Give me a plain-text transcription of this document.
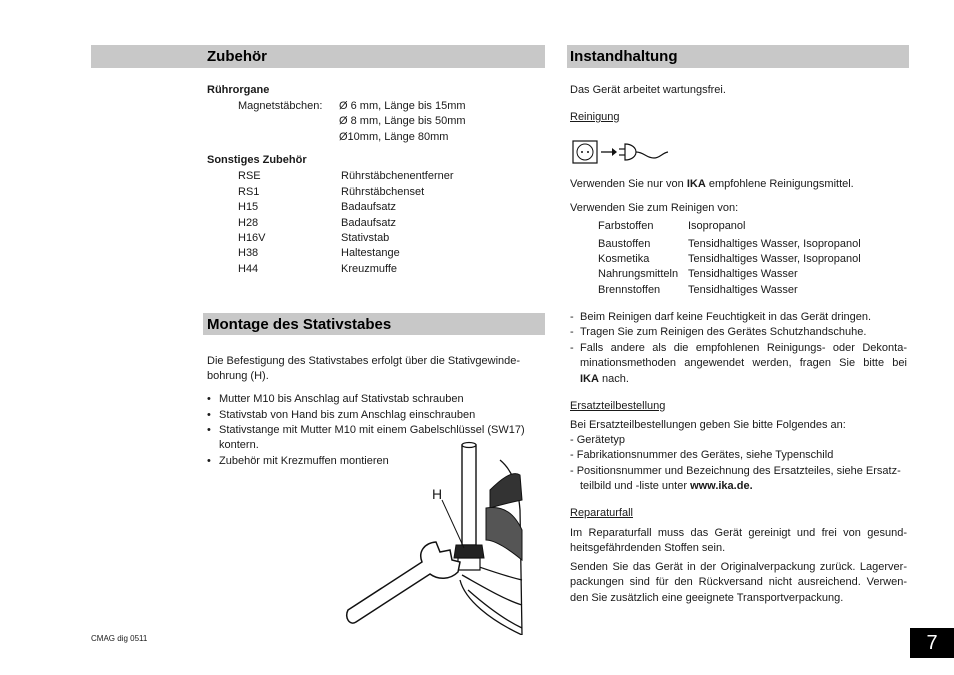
Zubehör
Rührorgane
Magnetstäbchen: Ø 6 mm, Länge bis 15mm
Ø 8 mm, Länge bis 50mm
Ø10mm, Länge 80mm
Sonstiges Zubehör
RSE	Rührstäbchenentferner
RS1	Rührstäbchenset
H15	Badaufsatz
H28	Badaufsatz
H16V	Stativstab
H38	Haltestange
H44	Kreuzmuffe
Montage des Stativstabes
Die Befestigung des Stativstabes erfolgt über die Stativgewinde-
bohrung (H).
• Mutter M10 bis Anschlag auf Stativstab schrauben
• Stativstab von Hand bis zum Anschlag einschrauben
• Stativstange mit Mutter M10 mit einem Gabelschlüssel (SW17)
kontern.
• Zubehör mit Krezmuffen montieren
H
Instandhaltung
Das Gerät arbeitet wartungsfrei.
Reinigung
Verwenden Sie nur von IKA empfohlene Reinigungsmittel.
Verwenden Sie zum Reinigen von:
Farbstoffen	Isopropanol
Baustoffen	Tensidhaltiges Wasser, Isopropanol
Kosmetika	Tensidhaltiges Wasser, Isopropanol
Nahrungsmitteln Tensidhaltiges Wasser
Brennstoffen	Tensidhaltiges Wasser
- Beim Reinigen darf keine Feuchtigkeit in das Gerät dringen.
- Tragen Sie zum Reinigen des Gerätes Schutzhandschuhe.
- Falls andere als die empfohlenen Reinigungs- oder Dekonta-
minationsmethoden angewendet werden, fragen Sie bitte bei
IKA nach.
Ersatzteilbestellung
Bei Ersatzteilbestellungen geben Sie bitte Folgendes an:
- Gerätetyp
- Fabrikationsnummer des Gerätes, siehe Typenschild
- Positionsnummer und Bezeichnung des Ersatzteiles, siehe Ersatz-
teilbild und -liste unter www.ika.de.
Reparaturfall
Im Reparaturfall muss das Gerät gereinigt und frei von gesund-
heitsgefährdenden Stoffen sein.
Senden Sie das Gerät in der Originalverpackung zurück. Lagerver-
packungen sind für den Rückversand nicht ausreichend. Verwen-
den Sie zusätzlich eine geeignete Transportverpackung.
CMAG dig 0511	7
